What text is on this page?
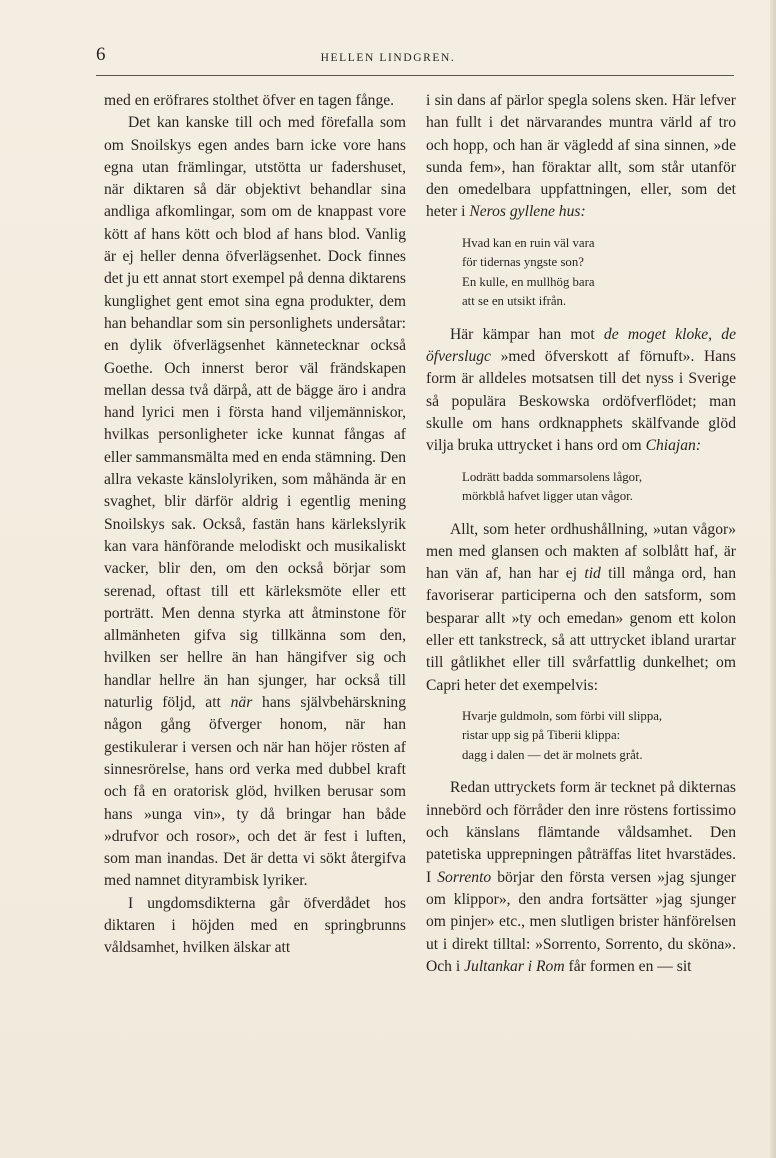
6	HELLEN LINDGREN.

med en eröfrares stolthet öfver en tagen fånge.

Det kan kanske till och med förefalla som om Snoilskys egen andes barn icke vore hans egna utan främlingar, utstötta ur fadershuset, när diktaren så där objektivt behandlar sina andliga afkomlingar, som om de knappast vore kött af hans kött och blod af hans blod. Vanlig är ej heller denna öfverlägsenhet. Dock finnes det ju ett annat stort exempel på denna diktarens kunglighet gent emot sina egna produkter, dem han behandlar som sin personlighets undersåtar: en dylik öfverlägsenhet kännetecknar också Goethe. Och innerst beror väl frändskapen mellan dessa två därpå, att de bägge äro i andra hand lyrici men i första hand viljemänniskor, hvilkas personligheter icke kunnat fångas af eller sammansmälta med en enda stämning. Den allra vekaste känslolyriken, som måhända är en svaghet, blir därför aldrig i egentlig mening Snoilskys sak. Också, fastän hans kärlekslyrik kan vara hänförande melodiskt och musikaliskt vacker, blir den, om den också börjar som serenad, oftast till ett kärleksmöte eller ett porträtt. Men denna styrka att åtminstone för allmänheten gifva sig tillkänna som den, hvilken ser hellre än han hängifver sig och handlar hellre än han sjunger, har också till naturlig följd, att när hans självbehärskning någon gång öfverger honom, när han gestikulerar i versen och när han höjer rösten af sinnesrörelse, hans ord verka med dubbel kraft och få en oratorisk glöd, hvilken berusar som hans »unga vin», ty då bringar han både »drufvor och rosor», och det är fest i luften, som man inandas. Det är detta vi sökt återgifva med namnet dityrambisk lyriker.

I ungdomsdikterna går öfverdådet hos diktaren i höjden med en springbrunns våldsamhet, hvilken älskar att

i sin dans af pärlor spegla solens sken. Här lefver han fullt i det närvarandes muntra värld af tro och hopp, och han är vägledd af sina sinnen, »de sunda fem», han föraktar allt, som står utanför den omedelbara uppfattningen, eller, som det heter i Neros gyllene hus:

Hvad kan en ruin väl vara
för tidernas yngste son?
En kulle, en mullhög bara
att se en utsikt ifrån.

Här kämpar han mot de moget kloke, de öfverslugc »med öfverskott af förnuft». Hans form är alldeles motsatsen till det nyss i Sverige så populära Beskowska ordöfverflödet; man skulle om hans ordknapphets skälfvande glöd vilja bruka uttrycket i hans ord om Chiajan:

Lodrätt badda sommarsolens lågor,
mörkblå hafvet ligger utan vågor.

Allt, som heter ordhushållning, »utan vågor» men med glansen och makten af solblått haf, är han vän af, han har ej tid till många ord, han favoriserar participerna och den satsform, som besparar allt »ty och emedan» genom ett kolon eller ett tankstreck, så att uttrycket ibland urartar till gåtlikhet eller till svårfattlig dunkelhet; om Capri heter det exempelvis:

Hvarje guldmoln, som förbi vill slippa,
ristar upp sig på Tiberii klippa:
dagg i dalen — det är molnets gråt.

Redan uttryckets form är tecknet på dikternas innebörd och förråder den inre röstens fortissimo och känslans flämtande våldsamhet. Den patetiska upprepningen påträffas litet hvarstädes. I Sorrento börjar den första versen »jag sjunger om klippor», den andra fortsätter »jag sjunger om pinjer» etc., men slutligen brister hänförelsen ut i direkt tilltal: »Sorrento, Sorrento, du sköna». Och i Jultankar i Rom får formen en — sit
